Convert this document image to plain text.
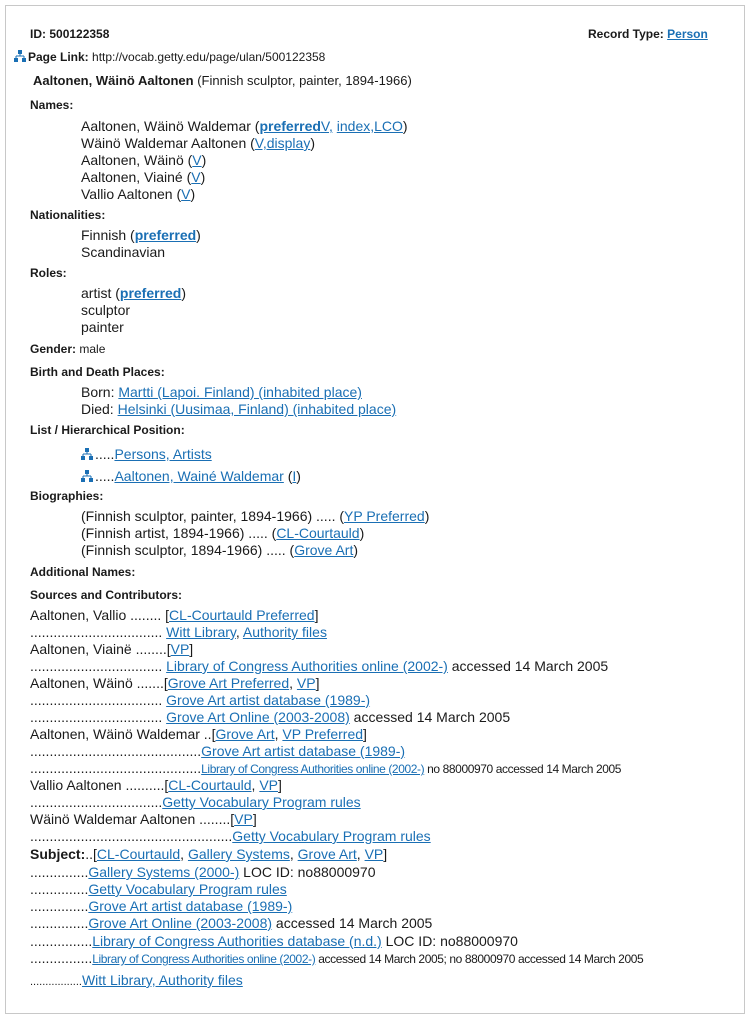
ID: 500122358	Record Type: Person
Page Link: http://vocab.getty.edu/page/ulan/500122358
Aaltonen, Wäinö Aaltonen (Finnish sculptor, painter, 1894-1966)
Names:
Aaltonen, Wäinö Waldemar (preferredV, index,LCO)
Wäinö Waldemar Aaltonen (V,display)
Aaltonen, Wäinö (V)
Aaltonen, Viainé (V)
Vallio Aaltonen (V)
Nationalities:
Finnish (preferred)
Scandinavian
Roles:
artist (preferred)
sculptor
painter
Gender: male
Birth and Death Places:
Born: Martti (Lapoi. Finland) (inhabited place)
Died: Helsinki (Uusimaa, Finland) (inhabited place)
List / Hierarchical Position:
.....Persons, Artists
.....Aaltonen, Wainé Waldemar (I)
Biographies:
(Finnish sculptor, painter, 1894-1966) ..... (YP Preferred)
(Finnish artist, 1894-1966) ..... (CL-Courtauld)
(Finnish sculptor, 1894-1966) ..... (Grove Art)
Additional Names:
Sources and Contributors:
Aaltonen, Vallio ........ [CL-Courtauld Preferred]
.................................. Witt Library, Authority files
Aaltonen, Viainë ........[VP]
.................................. Library of Congress Authorities online (2002-) accessed 14 March 2005
Aaltonen, Wäinö .......[Grove Art Preferred, VP]
.................................. Grove Art artist database (1989-)
.................................. Grove Art Online (2003-2008) accessed 14 March 2005
Aaltonen, Wäinö Waldemar ..[Grove Art, VP Preferred]
............................................Grove Art artist database (1989-)
............................................Library of Congress Authorities online (2002-) no 88000970 accessed 14 March 2005
Vallio Aaltonen ..........[CL-Courtauld, VP]
..................................Getty Vocabulary Program rules
Wäinö Waldemar Aaltonen ........[VP]
....................................................Getty Vocabulary Program rules
Subject:..[CL-Courtauld, Gallery Systems, Grove Art, VP]
...............Gallery Systems (2000-) LOC ID: no88000970
...............Getty Vocabulary Program rules
...............Grove Art artist database (1989-)
...............Grove Art Online (2003-2008) accessed 14 March 2005
................Library of Congress Authorities database (n.d.) LOC ID: no88000970
................Library of Congress Authorities online (2002-) accessed 14 March 2005; no 88000970 accessed 14 March 2005
.................Witt Library, Authority files
